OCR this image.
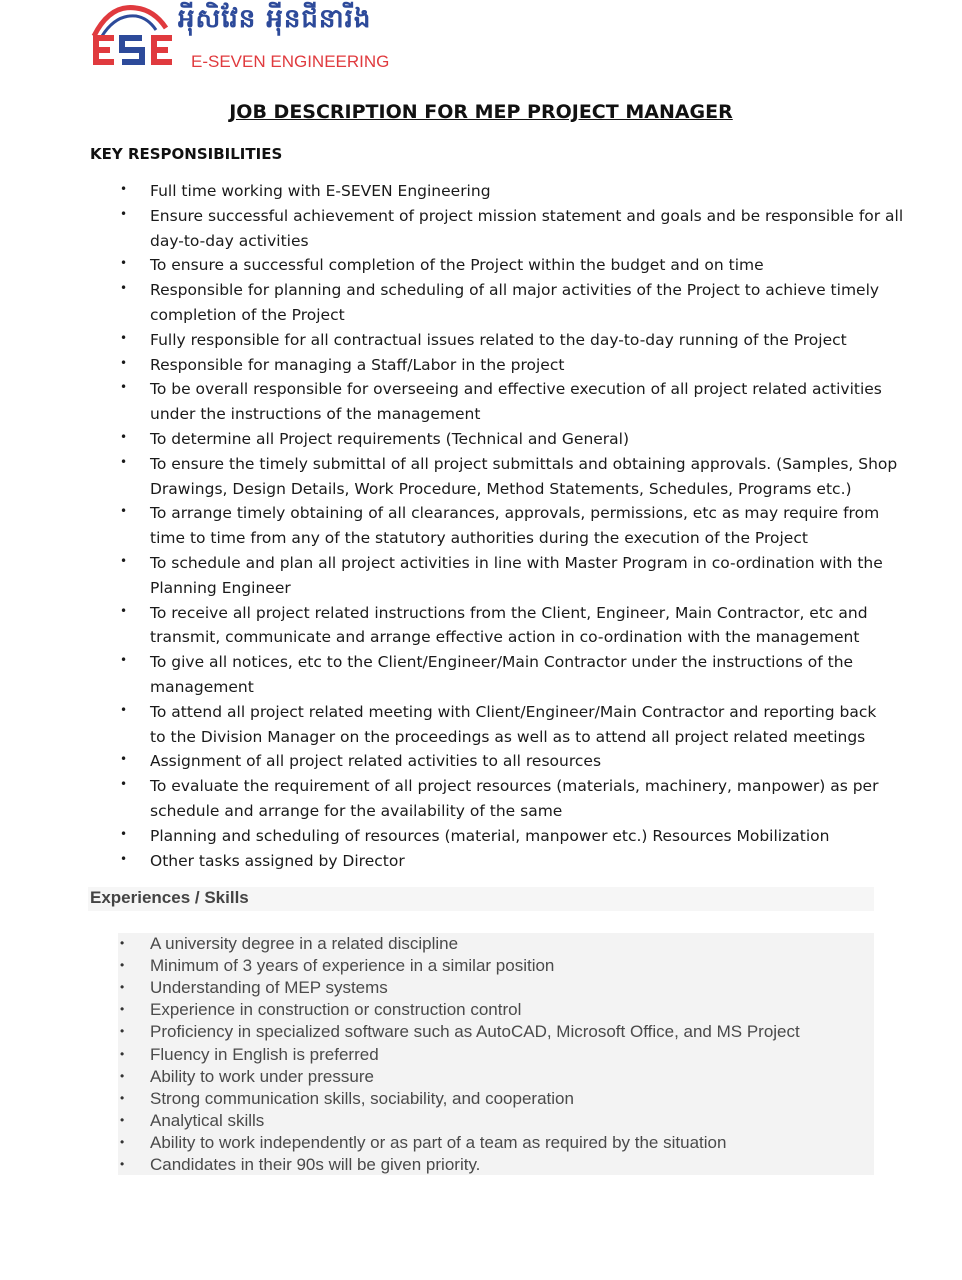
អុីសិវែន អុីនជីនារីង
E-SEVEN ENGINEERING
JOB DESCRIPTION FOR MEP PROJECT MANAGER
KEY RESPONSIBILITIES
• Full time working with E-SEVEN Engineering
• Ensure successful achievement of project mission statement and goals and be responsible for all
day-to-day activities
• To ensure a successful completion of the Project within the budget and on time
• Responsible for planning and scheduling of all major activities of the Project to achieve timely
completion of the Project
• Fully responsible for all contractual issues related to the day-to-day running of the Project
• Responsible for managing a Staff/Labor in the project
• To be overall responsible for overseeing and effective execution of all project related activities
under the instructions of the management
• To determine all Project requirements (Technical and General)
• To ensure the timely submittal of all project submittals and obtaining approvals. (Samples, Shop
Drawings, Design Details, Work Procedure, Method Statements, Schedules, Programs etc.)
• To arrange timely obtaining of all clearances, approvals, permissions, etc as may require from
time to time from any of the statutory authorities during the execution of the Project
• To schedule and plan all project activities in line with Master Program in co-ordination with the
Planning Engineer
• To receive all project related instructions from the Client, Engineer, Main Contractor, etc and
transmit, communicate and arrange effective action in co-ordination with the management
• To give all notices, etc to the Client/Engineer/Main Contractor under the instructions of the
management
• To attend all project related meeting with Client/Engineer/Main Contractor and reporting back
to the Division Manager on the proceedings as well as to attend all project related meetings
• Assignment of all project related activities to all resources
• To evaluate the requirement of all project resources (materials, machinery, manpower) as per
schedule and arrange for the availability of the same
• Planning and scheduling of resources (material, manpower etc.) Resources Mobilization
• Other tasks assigned by Director
Experiences / Skills
• A university degree in a related discipline
• Minimum of 3 years of experience in a similar position
• Understanding of MEP systems
• Experience in construction or construction control
• Proficiency in specialized software such as AutoCAD, Microsoft Office, and MS Project
• Fluency in English is preferred
• Ability to work under pressure
• Strong communication skills, sociability, and cooperation
• Analytical skills
• Ability to work independently or as part of a team as required by the situation
• Candidates in their 90s will be given priority.
